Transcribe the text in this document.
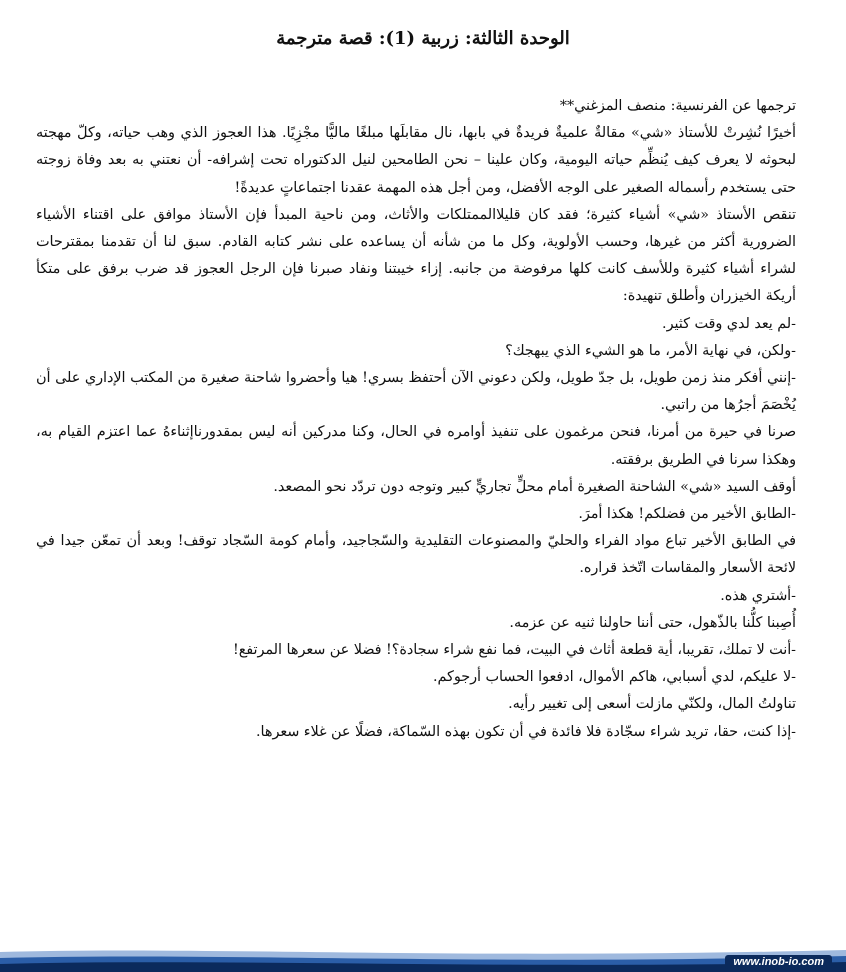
الوحدة الثالثة: زربية (1): قصة مترجمة

ترجمها عن الفرنسية: منصف المزغني**

أخيرًا نُشِرتْ للأستاذ «شي» مقالةٌ علميةٌ فريدةٌ في بابها، نال مقابلَها مبلغًا ماليًّا مجْزِيًا. هذا العجوز الذي وهب حياته، وكلّ مهجته لبحوثه لا يعرف كيف يُنظِّم حياته اليومية، وكان علينا – نحن الطامحين لنيل الدكتوراه تحت إشرافه- أن نعتني به بعد وفاة زوجته حتى يستخدم رأسماله الصغير على الوجه الأفضل، ومن أجل هذه المهمة عقدنا اجتماعاتٍ عديدةً!

تنقص الأستاذ «شي» أشياء كثيرة؛ فقد كان قليلاالممتلكات والأثاث، ومن ناحية المبدأ فإن الأستاذ موافق على اقتناء الأشياء الضرورية أكثر من غيرها، وحسب الأولوية، وكل ما من شأنه أن يساعده على نشر كتابه القادم. سبق لنا أن تقدمنا بمقترحات لشراء أشياء كثيرة وللأسف كانت كلها مرفوضة من جانبه. إزاء خيبتنا ونفاد صبرنا فإن الرجل العجوز قد ضرب برفق على متكأ أريكة الخيزران وأطلق تنهيدة:

-لم يعد لدي وقت كثير.

-ولكن، في نهاية الأمر، ما هو الشيء الذي يبهجك؟

-إنني أفكر منذ زمن طويل، بل جدّ طويل، ولكن دعوني الآن أحتفظ بسري! هيا وأحضروا شاحنة صغيرة من المكتب الإداري على أن يُخْصَمَ أجرُها من راتبي.

صرنا في حيرة من أمرنا، فنحن مرغمون على تنفيذ أوامره في الحال، وكنا مدركين أنه ليس بمقدورناإثناءهُ عما اعتزم القيام به، وهكذا سرنا في الطريق برفقته.

أوقف السيد «شي» الشاحنة الصغيرة أمام محلٍّ تجاريٍّ كبير وتوجه دون تردّد نحو المصعد.

-الطابق الأخير من فضلكم! هكذا أمرَ.

في الطابق الأخير تباع مواد الفراء والحليّ والمصنوعات التقليدية والسّجاجيد، وأمام كومة السّجاد توقف! وبعد أن تمعّن جيدا في لائحة الأسعار والمقاسات اتّخذ قراره.

-أشتري هذه.

أُصِبنا كلُّنا بالذّهول، حتى أننا حاولنا ثنيه عن عزمه.

-أنت لا تملك، تقريبا، أية قطعة أثاث في البيت، فما نفع شراء سجادة؟! فضلا عن سعرها المرتفع!

-لا عليكم، لدي أسبابي، هاكم الأموال، ادفعوا الحساب أرجوكم.

تناولتُ المال، ولكنّي مازلت أسعى إلى تغيير رأيه.

-إذا كنت، حقا، تريد شراء سجّادة فلا فائدة في أن تكون بهذه السّماكة، فضلًا عن غلاء سعرها.

www.inob-io.com
